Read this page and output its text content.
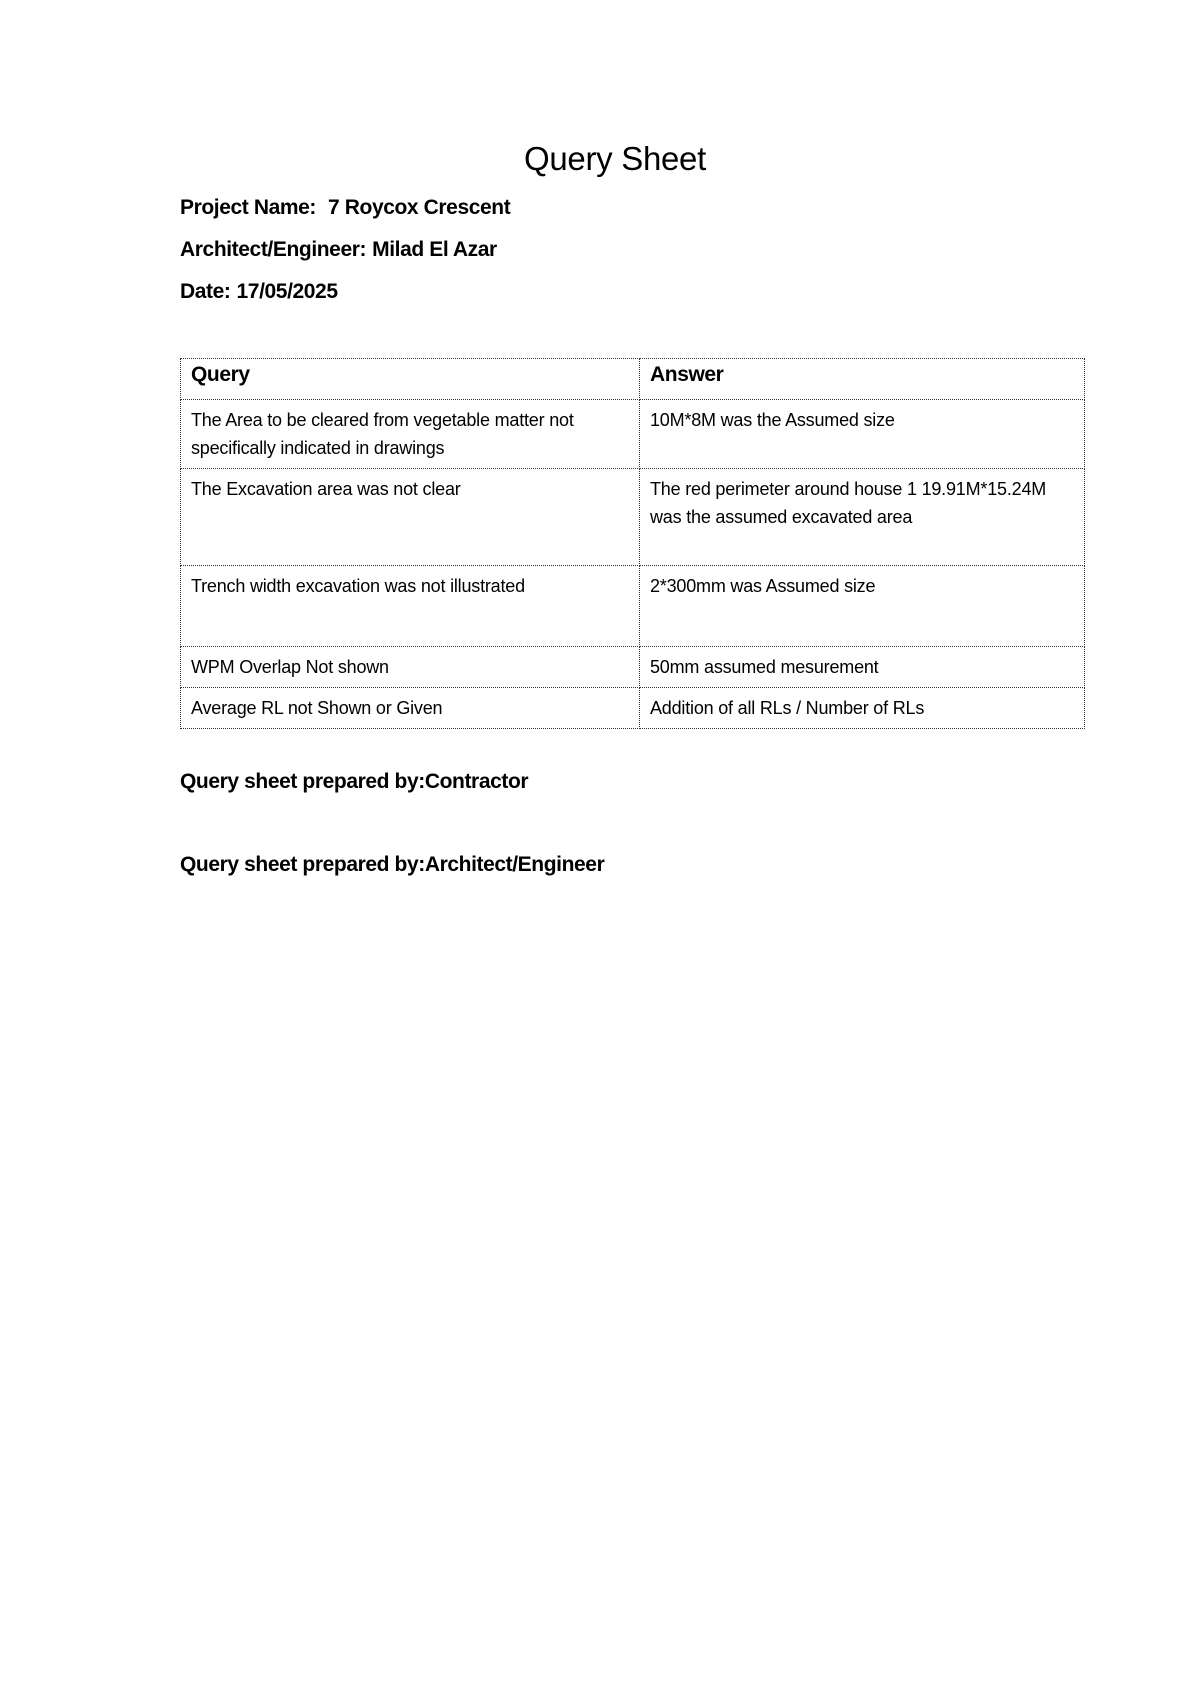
Query Sheet

Project Name: 7 Roycox Crescent

Architect/Engineer: Milad El Azar

Date: 17/05/2025

Query	Answer
The Area to be cleared from vegetable matter not specifically indicated in drawings	10M*8M was the Assumed size
The Excavation area was not clear	The red perimeter around house 1 19.91M*15.24M was the assumed excavated area
Trench width excavation was not illustrated	2*300mm was Assumed size
WPM Overlap Not shown	50mm assumed mesurement
Average RL not Shown or Given	Addition of all RLs / Number of RLs

Query sheet prepared by:Contractor

Query sheet prepared by:Architect/Engineer
